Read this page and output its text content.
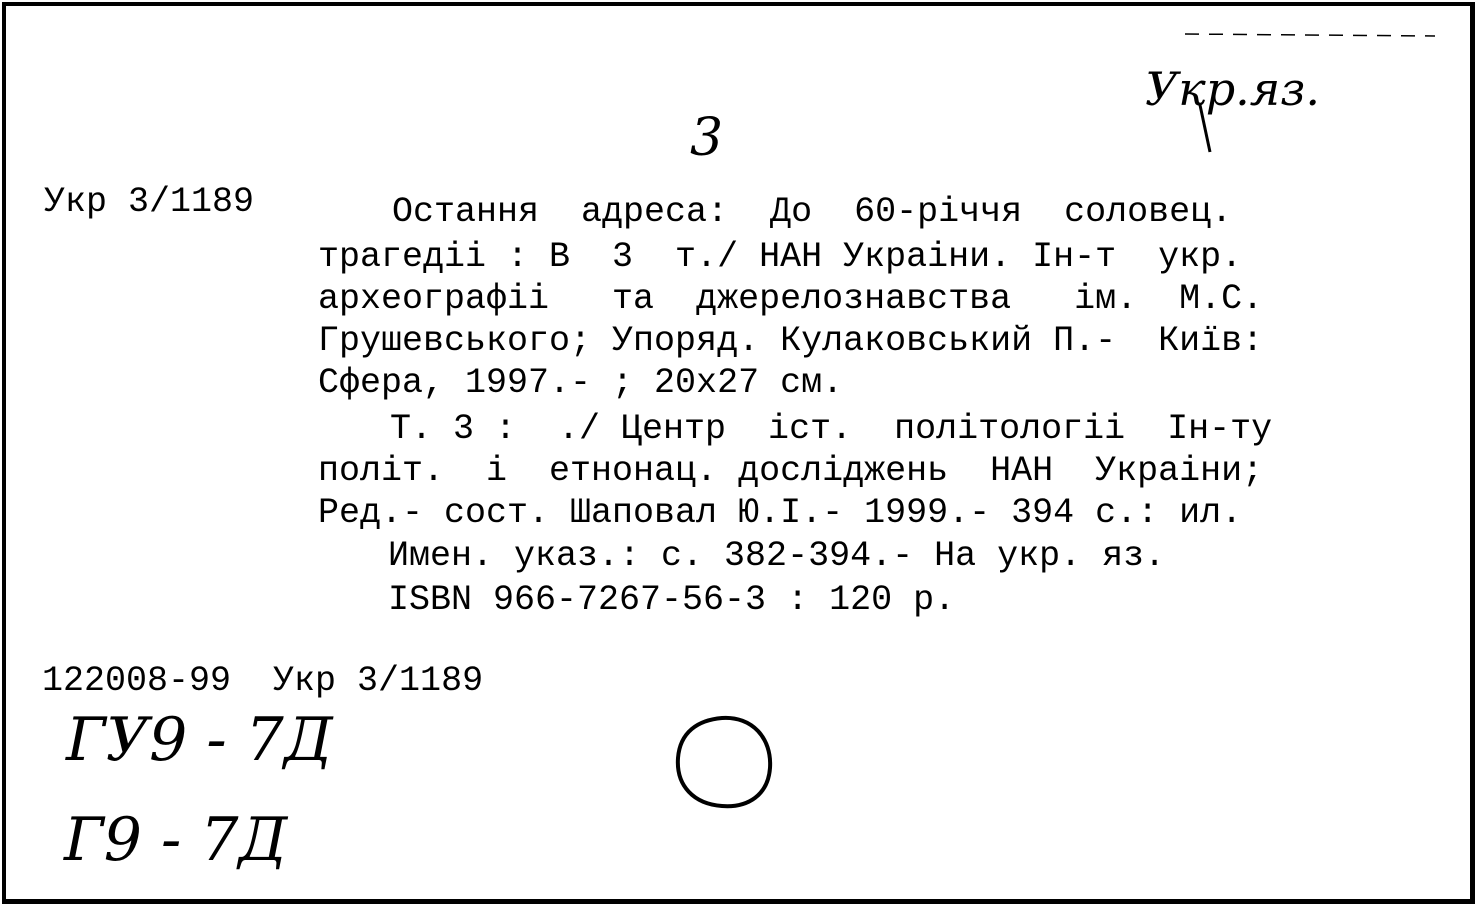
Укр.яз.
3
Укр 3/1189	Остання  адреса:  До  60-рiччя  соловец.
трагедii : В  3  т./ НАН Украiни. Iн-т  укр.
археографii   та  джерелознавства   iм.  М.С.
Грушевського; Упоряд. Кулаковський П.-  Київ:
Сфера, 1997.- ; 20x27 см.
Т. 3 :  ./ Центр  iст.  полiтологii  Iн-ту
полiт.  i  етнонац. дослiджень  НАН  Украiни;
Ред.- сост. Шаповал Ю.I.- 1999.- 394 с.: ил.
Имен. указ.: с. 382-394.- На укр. яз.
ISBN 966-7267-56-3 : 120 р.
122008-99  Укр 3/1189
ГУ9 - 7Д
Г9 - 7Д
